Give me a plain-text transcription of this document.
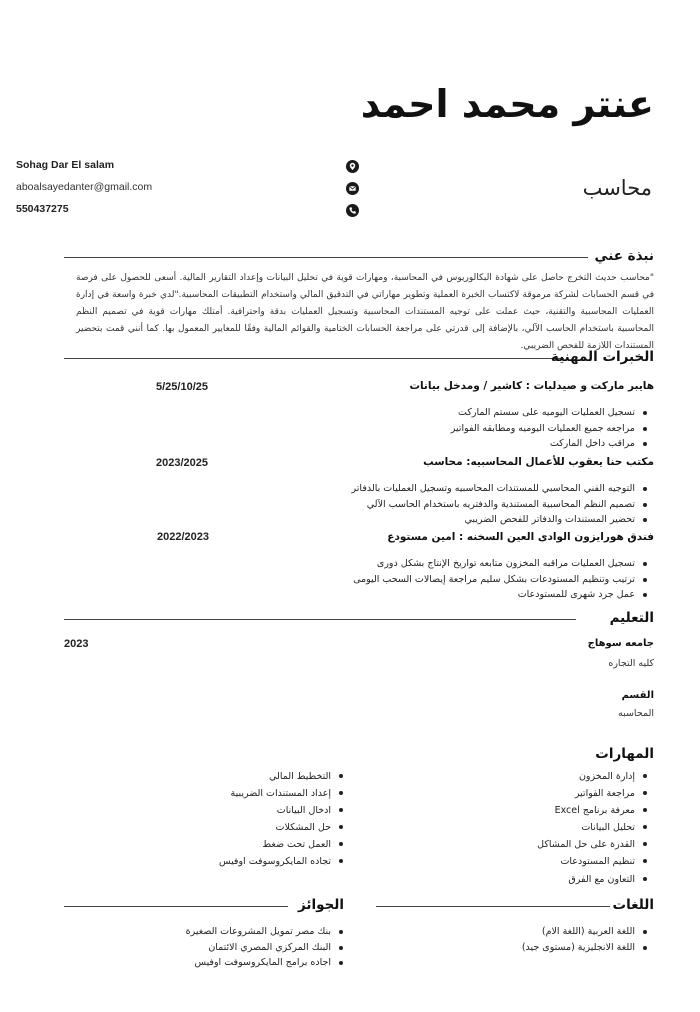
عنتر محمد احمد
محاسب
Sohag Dar El salam
aboalsayedanter@gmail.com
550437275
نبذة عني
"محاسب حديث التخرج حاصل على شهادة البكالوريوس في المحاسبة، ومهارات قوية في تحليل البيانات وإعداد التقارير المالية. أسعى للحصول على فرصة في قسم الحسابات لشركة مرموقة لاكتساب الخبرة العملية وتطوير مهاراتي في التدقيق المالي واستخدام التطبيقات المحاسبية."لدي خبرة واسعة في إدارة العمليات المحاسبية والتقنية، حيث عملت على توجيه المستندات المحاسبية وتسجيل العمليات بدقة واحترافية. أمتلك مهارات قوية في تصميم النظم المحاسبية باستخدام الحاسب الآلي، بالإضافة إلى قدرتي على مراجعة الحسابات الختامية والقوائم المالية وفقًا للمعايير المعمول بها. كما أنني قمت بتحضير المستندات اللازمة للفحص الضريبي.
الخبرات المهنية
هايبر ماركت و صيدليات : كاشير / ومدخل بيانات
5/25/10/25
تسجيل العمليات اليوميه على سستم الماركت
مراجعه جميع العمليات اليوميه ومطابقه الفواتير
مراقب داخل الماركت
مكتب حنا يعقوب للأعمال المحاسبيه: محاسب
2023/2025
التوجيه الفني المحاسبي للمستندات المحاسبيه وتسجيل العمليات بالدفاتر
تصميم النظم المحاسبية المستندية والدفتريه باستخدام الحاسب الآلي
تحضير المستندات والدفاتر للفحص الضريبي
فندق هورايزون الوادى العين السخنه : امين مستودع
2022/2023
تسجيل العمليات مراقبه المخزون متابعه تواريخ الإنتاج بشكل دورى
ترتيب وتنظيم المستودعات بشكل سليم مراجعة إيصالات السحب اليومى
عمل جرد شهرى للمستودعات
التعليم
جامعه سوهاج
2023
كليه التجاره
القسم
المحاسبه
المهارات
إدارة المخزون
مراجعة الفواتير
معرفة برنامج Excel
تحليل البيانات
القدرة على حل المشاكل
تنظيم المستودعات
التعاون مع الفرق
التخطيط المالي
إعداد المستندات الضريبية
ادخال البيانات
حل المشكلات
العمل تحت ضغط
تجاده المايكروسوفت اوفيس
اللغات
اللغة العربية (اللغة الام)
اللغة الانجليزية (مستوى جيد)
الجوائز
بنك مصر تمويل المشروعات الصغيرة
البنك المركزي المصري الائتمان
اجاده برامج المايكروسوفت اوفيس
